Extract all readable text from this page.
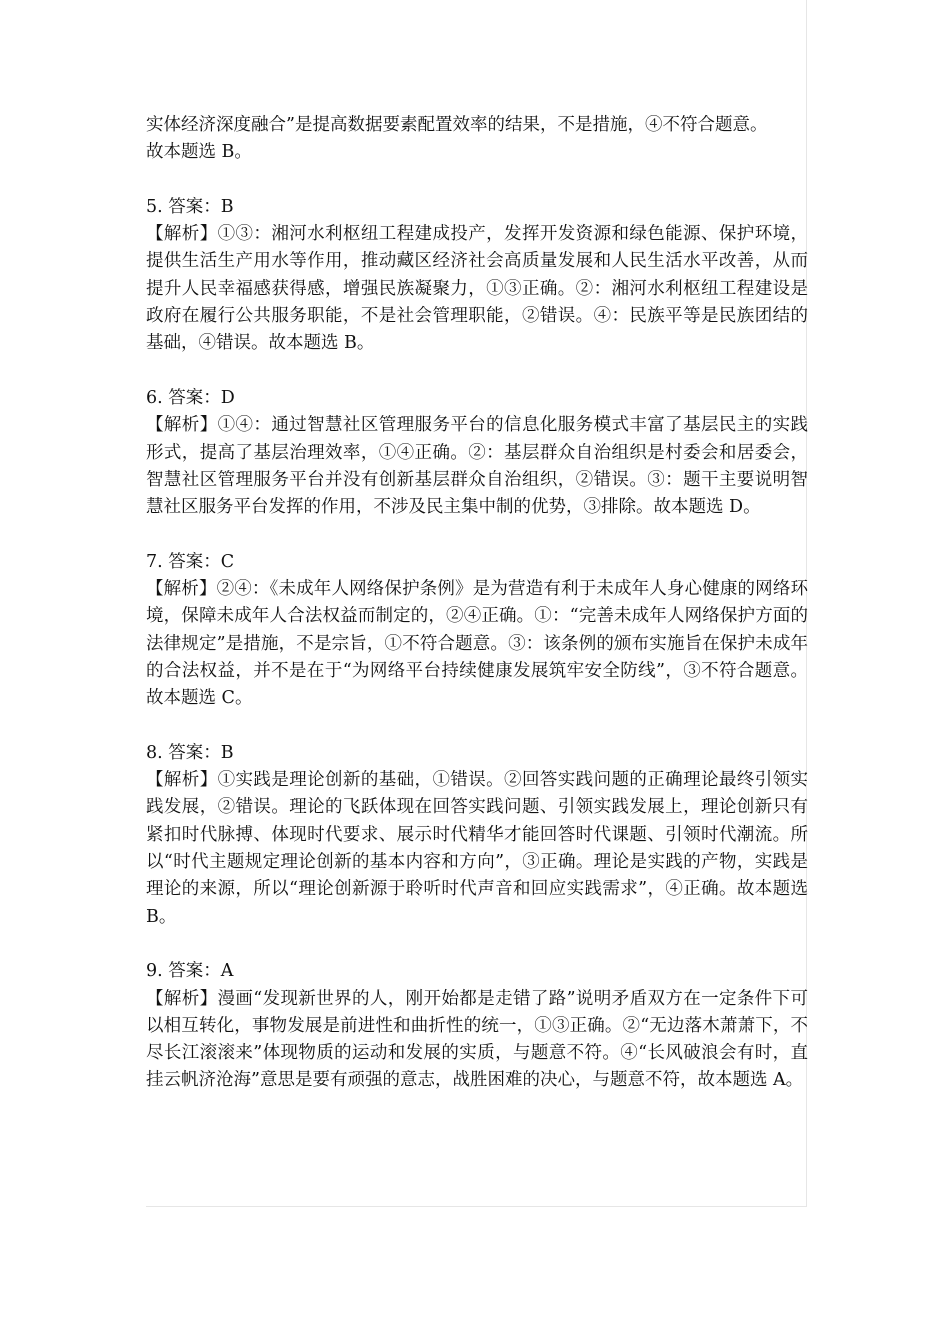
实体经济深度融合”是提高数据要素配置效率的结果，不是措施，④不符合题意。

故本题选 B。

5. 答案：B

【解析】①③：湘河水利枢纽工程建成投产，发挥开发资源和绿色能源、保护环境，提供生活生产用水等作用，推动藏区经济社会高质量发展和人民生活水平改善，从而提升人民幸福感获得感，增强民族凝聚力，①③正确。②：湘河水利枢纽工程建设是政府在履行公共服务职能，不是社会管理职能，②错误。④：民族平等是民族团结的基础，④错误。故本题选 B。

6. 答案：D

【解析】①④：通过智慧社区管理服务平台的信息化服务模式丰富了基层民主的实践形式，提高了基层治理效率，①④正确。②：基层群众自治组织是村委会和居委会，智慧社区管理服务平台并没有创新基层群众自治组织，②错误。③：题干主要说明智慧社区服务平台发挥的作用，不涉及民主集中制的优势，③排除。故本题选 D。

7. 答案：C

【解析】②④：《未成年人网络保护条例》是为营造有利于未成年人身心健康的网络环境，保障未成年人合法权益而制定的，②④正确。①：“完善未成年人网络保护方面的法律规定”是措施，不是宗旨，①不符合题意。③：该条例的颁布实施旨在保护未成年的合法权益，并不是在于“为网络平台持续健康发展筑牢安全防线”，③不符合题意。故本题选 C。

8. 答案：B

【解析】①实践是理论创新的基础，①错误。②回答实践问题的正确理论最终引领实践发展，②错误。理论的飞跃体现在回答实践问题、引领实践发展上，理论创新只有紧扣时代脉搏、体现时代要求、展示时代精华才能回答时代课题、引领时代潮流。所以“时代主题规定理论创新的基本内容和方向”，③正确。理论是实践的产物，实践是理论的来源，所以“理论创新源于聆听时代声音和回应实践需求”，④正确。故本题选 B。

9. 答案：A

【解析】漫画“发现新世界的人，刚开始都是走错了路”说明矛盾双方在一定条件下可以相互转化，事物发展是前进性和曲折性的统一，①③正确。②“无边落木萧萧下，不尽长江滚滚来”体现物质的运动和发展的实质，与题意不符。④“长风破浪会有时，直挂云帆济沧海”意思是要有顽强的意志，战胜困难的决心，与题意不符，故本题选 A。
